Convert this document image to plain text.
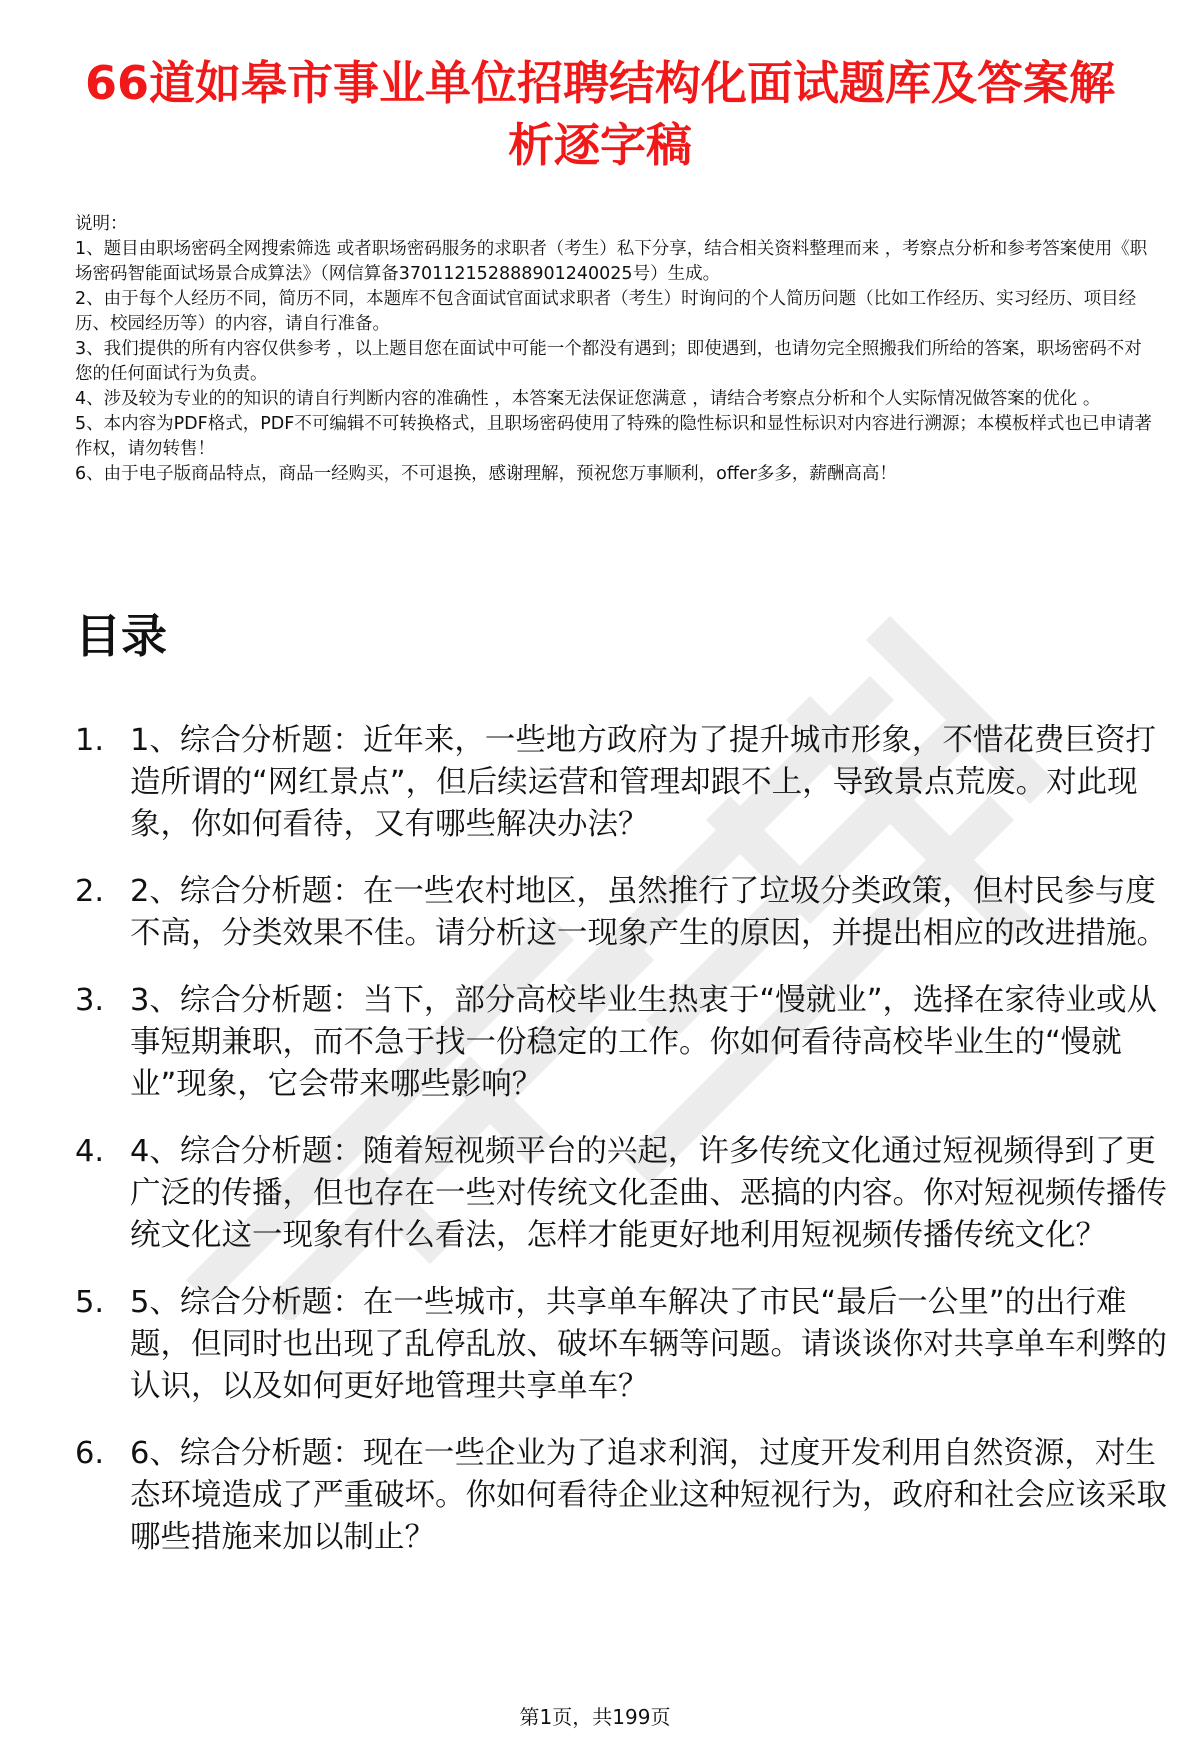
66道如皋市事业单位招聘结构化面试题库及答案解析逐字稿

说明：

1、题目由职场密码全网搜索筛选 或者职场密码服务的求职者（考生）私下分享，结合相关资料整理而来 ，考察点分析和参考答案使用《职场密码智能面试场景合成算法》（网信算备370112152888901240025号）生成。

2、由于每个人经历不同，简历不同，本题库不包含面试官面试求职者（考生）时询问的个人简历问题（比如工作经历、实习经历、项目经历、校园经历等）的内容，请自行准备。

3、我们提供的所有内容仅供参考 ，以上题目您在面试中可能一个都没有遇到；即使遇到，也请勿完全照搬我们所给的答案，职场密码不对您的任何面试行为负责。

4、涉及较为专业的的知识的请自行判断内容的准确性 ，本答案无法保证您满意 ，请结合考察点分析和个人实际情况做答案的优化 。

5、本内容为PDF格式，PDF不可编辑不可转换格式，且职场密码使用了特殊的隐性标识和显性标识对内容进行溯源；本模板样式也已申请著作权，请勿转售！

6、由于电子版商品特点，商品一经购买，不可退换，感谢理解，预祝您万事顺利，offer多多，薪酬高高！

目录
1. 1、综合分析题：近年来，一些地方政府为了提升城市形象，不惜花费巨资打造所谓的“网红景点”，但后续运营和管理却跟不上，导致景点荒废。对此现象，你如何看待，又有哪些解决办法？
2. 2、综合分析题：在一些农村地区，虽然推行了垃圾分类政策，但村民参与度不高，分类效果不佳。请分析这一现象产生的原因，并提出相应的改进措施。
3. 3、综合分析题：当下，部分高校毕业生热衷于“慢就业”，选择在家待业或从事短期兼职，而不急于找一份稳定的工作。你如何看待高校毕业生的“慢就业”现象，它会带来哪些影响？
4. 4、综合分析题：随着短视频平台的兴起，许多传统文化通过短视频得到了更广泛的传播，但也存在一些对传统文化歪曲、恶搞的内容。你对短视频传播传统文化这一现象有什么看法，怎样才能更好地利用短视频传播传统文化？
5. 5、综合分析题：在一些城市，共享单车解决了市民“最后一公里”的出行难题，但同时也出现了乱停乱放、破坏车辆等问题。请谈谈你对共享单车利弊的认识，以及如何更好地管理共享单车？
6. 6、综合分析题：现在一些企业为了追求利润，过度开发利用自然资源，对生态环境造成了严重破坏。你如何看待企业这种短视行为，政府和社会应该采取哪些措施来加以制止？
第1页，共199页
